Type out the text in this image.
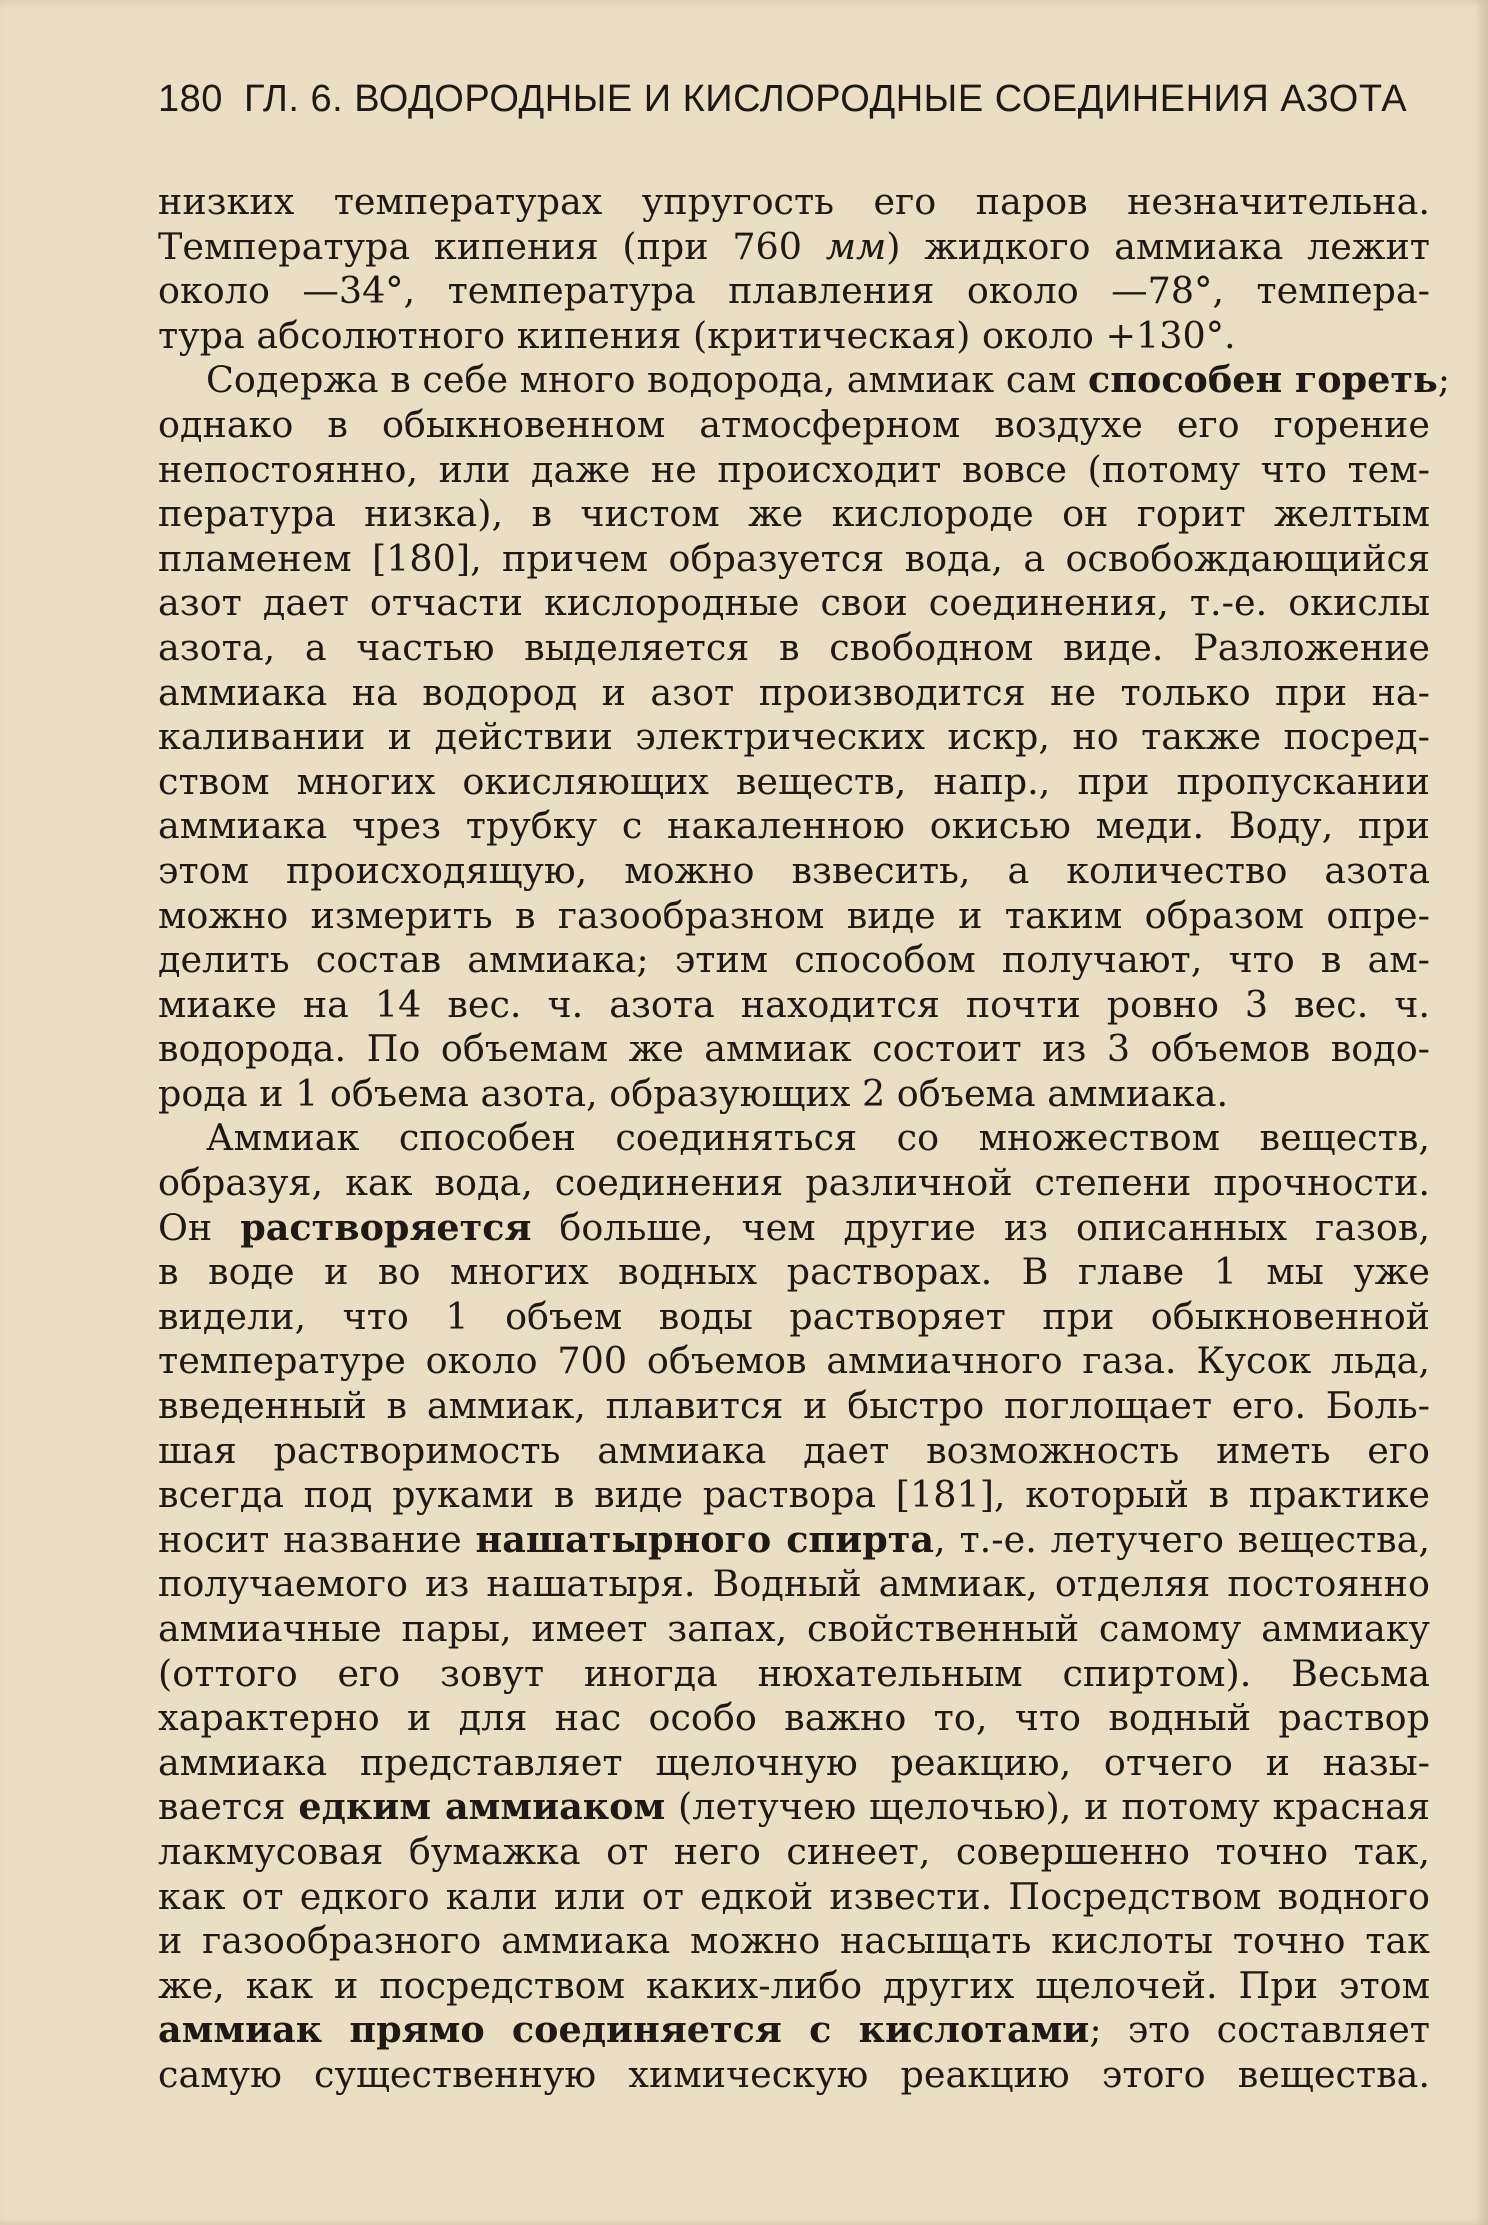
180 ГЛ. 6. ВОДОРОДНЫЕ И КИСЛОРОДНЫЕ СОЕДИНЕНИЯ АЗОТА
низких температурах упругость его паров незначительна.
Температура кипения (при 760 мм) жидкого аммиака лежит
около —34°, температура плавления около —78°, темпера-
тура абсолютного кипения (критическая) около +130°.
Содержа в себе много водорода, аммиак сам способен гореть;
однако в обыкновенном атмосферном воздухе его горение
непостоянно, или даже не происходит вовсе (потому что тем-
пература низка), в чистом же кислороде он горит желтым
пламенем [180], причем образуется вода, а освобождающийся
азот дает отчасти кислородные свои соединения, т.-е. окислы
азота, а частью выделяется в свободном виде. Разложение
аммиака на водород и азот производится не только при на-
каливании и действии электрических искр, но также посред-
ством многих окисляющих веществ, напр., при пропускании
аммиака чрез трубку с накаленною окисью меди. Воду, при
этом происходящую, можно взвесить, а количество азота
можно измерить в газообразном виде и таким образом опре-
делить состав аммиака; этим способом получают, что в ам-
миаке на 14 вес. ч. азота находится почти ровно 3 вес. ч.
водорода. По объемам же аммиак состоит из 3 объемов водо-
рода и 1 объема азота, образующих 2 объема аммиака.
Аммиак способен соединяться со множеством веществ,
образуя, как вода, соединения различной степени прочности.
Он растворяется больше, чем другие из описанных газов,
в воде и во многих водных растворах. В главе 1 мы уже
видели, что 1 объем воды растворяет при обыкновенной
температуре около 700 объемов аммиачного газа. Кусок льда,
введенный в аммиак, плавится и быстро поглощает его. Боль-
шая растворимость аммиака дает возможность иметь его
всегда под руками в виде раствора [181], который в практике
носит название нашатырного спирта, т.-е. летучего вещества,
получаемого из нашатыря. Водный аммиак, отделяя постоянно
аммиачные пары, имеет запах, свойственный самому аммиаку
(оттого его зовут иногда нюхательным спиртом). Весьма
характерно и для нас особо важно то, что водный раствор
аммиака представляет щелочную реакцию, отчего и назы-
вается едким аммиаком (летучею щелочью), и потому красная
лакмусовая бумажка от него синеет, совершенно точно так,
как от едкого кали или от едкой извести. Посредством водного
и газообразного аммиака можно насыщать кислоты точно так
же, как и посредством каких-либо других щелочей. При этом
аммиак прямо соединяется с кислотами; это составляет
самую существенную химическую реакцию этого вещества.
